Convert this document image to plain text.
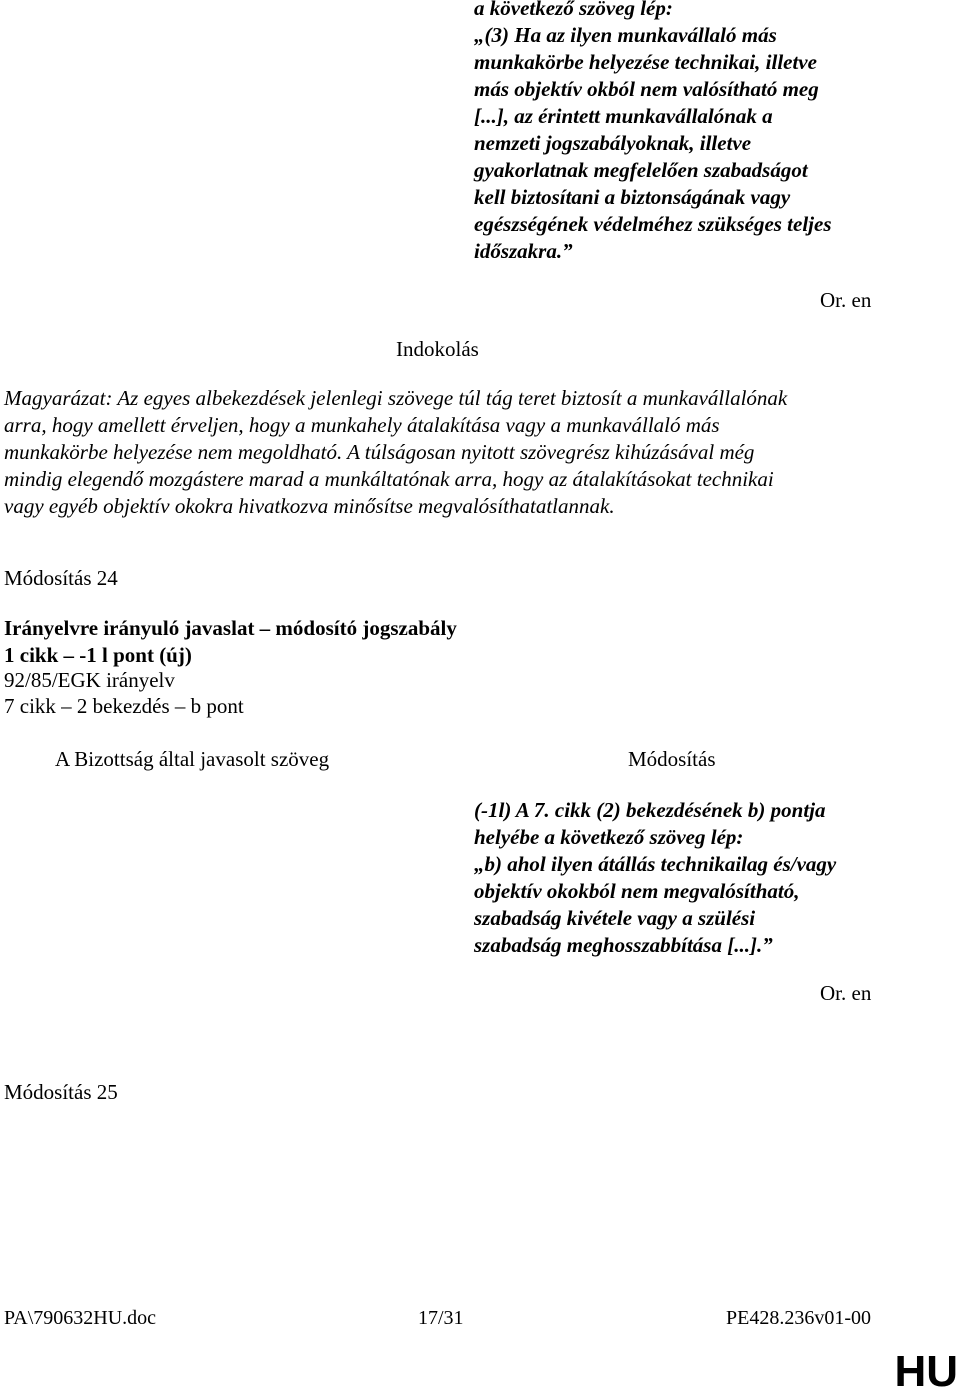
a következő szöveg lép:
„(3) Ha az ilyen munkavállaló más
munkakörbe helyezése technikai, illetve
más objektív okból nem valósítható meg
[...], az érintett munkavállalónak a
nemzeti jogszabályoknak, illetve
gyakorlatnak megfelelően szabadságot
kell biztosítani a biztonságának vagy
egészségének védelméhez szükséges teljes
időszakra.”
Or. en
Indokolás
Magyarázat: Az egyes albekezdések jelenlegi szövege túl tág teret biztosít a munkavállalónak
arra, hogy amellett érveljen, hogy a munkahely átalakítása vagy a munkavállaló más
munkakörbe helyezése nem megoldható. A túlságosan nyitott szövegrész kihúzásával még
mindig elegendő mozgástere marad a munkáltatónak arra, hogy az átalakításokat technikai
vagy egyéb objektív okokra hivatkozva minősítse megvalósíthatatlannak.
Módosítás 24
Irányelvre irányuló javaslat – módosító jogszabály
1 cikk – -1 l pont (új)
92/85/EGK irányelv
7 cikk – 2 bekezdés – b pont
A Bizottság által javasolt szöveg	Módosítás
(-1l) A 7. cikk (2) bekezdésének b) pontja
helyébe a következő szöveg lép:
„b) ahol ilyen átállás technikailag és/vagy
objektív okokból nem megvalósítható,
szabadság kivétele vagy a szülési
szabadság meghosszabbítása [...].”
Or. en
Módosítás 25
PA\790632HU.doc	17/31	PE428.236v01-00
HU
